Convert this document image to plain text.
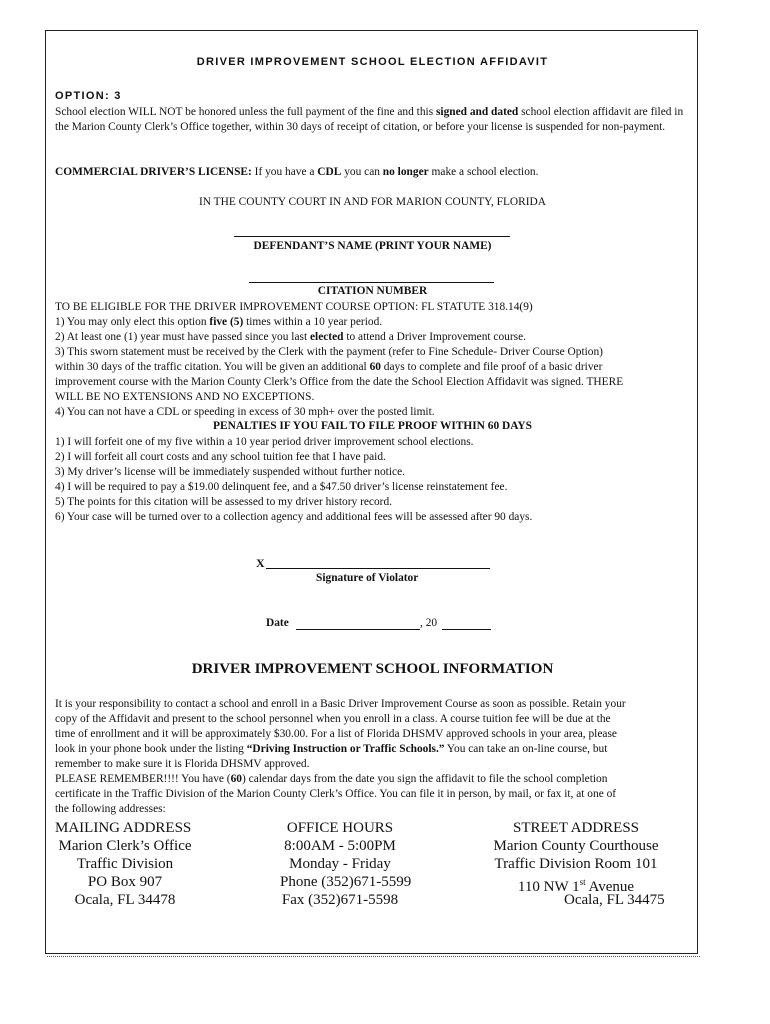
DRIVER IMPROVEMENT SCHOOL ELECTION AFFIDAVIT
OPTION: 3
School election WILL NOT be honored unless the full payment of the fine and this signed and dated school election affidavit are filed in the Marion County Clerk’s Office together, within 30 days of receipt of citation, or before your license is suspended for non-payment.
COMMERCIAL DRIVER’S LICENSE: If you have a CDL you can no longer make a school election.
IN THE COUNTY COURT IN AND FOR MARION COUNTY, FLORIDA
DEFENDANT’S NAME (PRINT YOUR NAME)
CITATION NUMBER
TO BE ELIGIBLE FOR THE DRIVER IMPROVEMENT COURSE OPTION: FL STATUTE 318.14(9)
1) You may only elect this option five (5) times within a 10 year period.
2) At least one (1) year must have passed since you last elected to attend a Driver Improvement course.
3) This sworn statement must be received by the Clerk with the payment (refer to Fine Schedule- Driver Course Option)
within 30 days of the traffic citation. You will be given an additional 60 days to complete and file proof of a basic driver
improvement course with the Marion County Clerk’s Office from the date the School Election Affidavit was signed. THERE
WILL BE NO EXTENSIONS AND NO EXCEPTIONS.
4) You can not have a CDL or speeding in excess of 30 mph+ over the posted limit.
PENALTIES IF YOU FAIL TO FILE PROOF WITHIN 60 DAYS
1) I will forfeit one of my five within a 10 year period driver improvement school elections.
2) I will forfeit all court costs and any school tuition fee that I have paid.
3) My driver’s license will be immediately suspended without further notice.
4) I will be required to pay a $19.00 delinquent fee, and a $47.50 driver’s license reinstatement fee.
5) The points for this citation will be assessed to my driver history record.
6) Your case will be turned over to a collection agency and additional fees will be assessed after 90 days.
X
Signature of Violator
Date	, 20
DRIVER IMPROVEMENT SCHOOL INFORMATION
It is your responsibility to contact a school and enroll in a Basic Driver Improvement Course as soon as possible. Retain your
copy of the Affidavit and present to the school personnel when you enroll in a class. A course tuition fee will be due at the
time of enrollment and it will be approximately $30.00. For a list of Florida DHSMV approved schools in your area, please
look in your phone book under the listing “Driving Instruction or Traffic Schools.” You can take an on-line course, but
remember to make sure it is Florida DHSMV approved.
PLEASE REMEMBER!!!! You have (60) calendar days from the date you sign the affidavit to file the school completion
certificate in the Traffic Division of the Marion County Clerk’s Office. You can file it in person, by mail, or fax it, at one of
the following addresses:
MAILING ADDRESS
Marion Clerk’s Office
Traffic Division
PO Box 907
Ocala, FL 34478
OFFICE HOURS
8:00AM - 5:00PM
Monday - Friday
Phone (352)671-5599
Fax (352)671-5598
STREET ADDRESS
Marion County Courthouse
Traffic Division Room 101
110 NW 1st Avenue
Ocala, FL 34475
